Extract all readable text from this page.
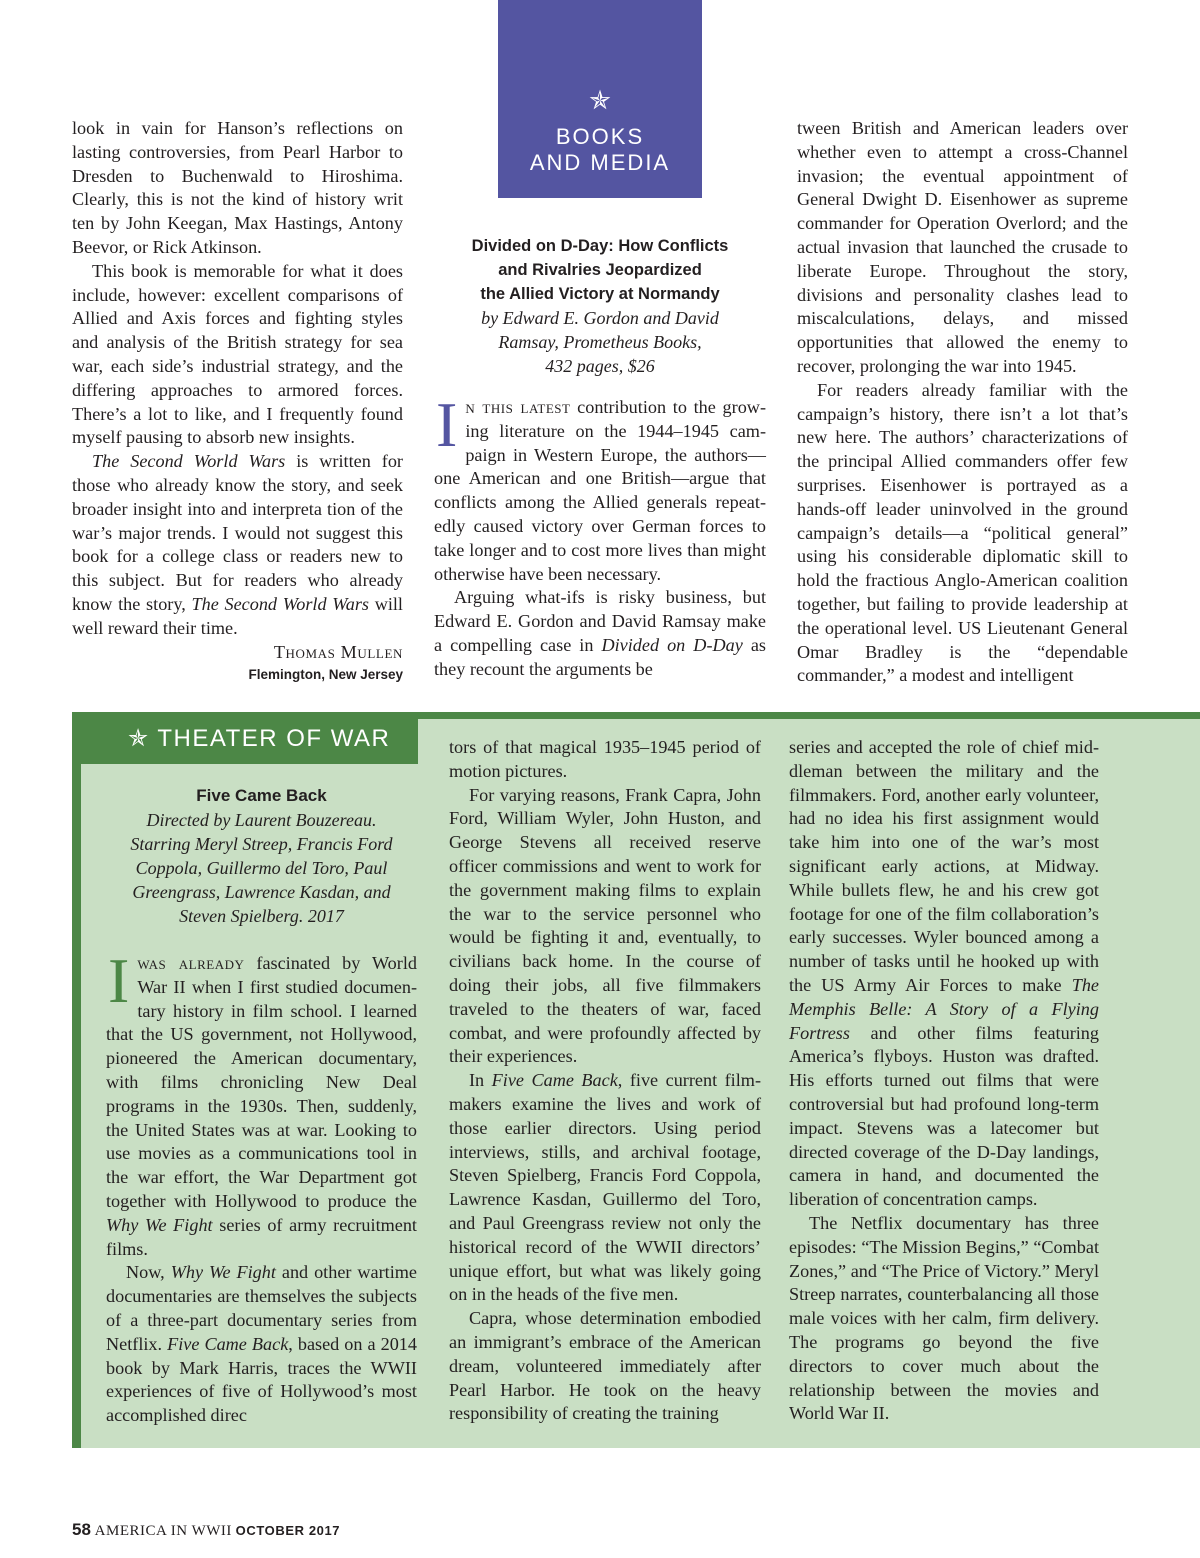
✯
BOOKS
AND MEDIA

look in vain for Hanson’s reflections on lasting controversies, from Pearl Harbor to Dresden to Buchenwald to Hiroshima. Clearly, this is not the kind of history writ ten by John Keegan, Max Hastings, Antony Beevor, or Rick Atkinson.

This book is memorable for what it does include, however: excellent comparisons of Allied and Axis forces and fighting styles and analysis of the British strategy for sea war, each side’s industrial strategy, and the differing approaches to armored forces. There’s a lot to like, and I frequently found myself pausing to absorb new insights.

The Second World Wars is written for those who already know the story, and seek broader insight into and interpreta tion of the war’s major trends. I would not suggest this book for a college class or readers new to this subject. But for readers who already know the story, The Second World Wars will well reward their time.

Thomas Mullen

Flemington, New Jersey

Divided on D-Day: How Conflicts
and Rivalries Jeopardized
the Allied Victory at Normandy
by Edward E. Gordon and David
Ramsay, Prometheus Books,
432 pages, $26

In this latest contribution to the growing literature on the 1944–1945 campaign in Western Europe, the authors—one American and one British—argue that conflicts among the Allied generals repeatedly caused victory over German forces to take longer and to cost more lives than might otherwise have been necessary.

Arguing what-ifs is risky business, but Edward E. Gordon and David Ramsay make a compelling case in Divided on D-Day as they recount the arguments be

tween British and American leaders over whether even to attempt a cross-Channel invasion; the eventual appointment of General Dwight D. Eisenhower as supreme commander for Operation Overlord; and the actual invasion that launched the crusade to liberate Europe. Throughout the story, divisions and personality clashes lead to miscalculations, delays, and missed opportunities that allowed the enemy to recover, prolonging the war into 1945.

For readers already familiar with the campaign’s history, there isn’t a lot that’s new here. The authors’ characterizations of the principal Allied commanders offer few surprises. Eisenhower is portrayed as a hands-off leader uninvolved in the ground campaign’s details—a “political general” using his considerable diplomatic skill to hold the fractious Anglo-American coalition together, but failing to provide leadership at the operational level. US Lieutenant General Omar Bradley is the “dependable commander,” a modest and intelligent

✯ THEATER OF WAR
Five Came Back
Directed by Laurent Bouzereau.
Starring Meryl Streep, Francis Ford
Coppola, Guillermo del Toro, Paul
Greengrass, Lawrence Kasdan, and
Steven Spielberg. 2017

Iwas already fascinated by World War II when I first studied documentary history in film school. I learned that the US government, not Hollywood, pioneered the American documentary, with films chronicling New Deal programs in the 1930s. Then, suddenly, the United States was at war. Looking to use movies as a communications tool in the war effort, the War Department got together with Hollywood to produce the Why We Fight series of army recruitment films.

Now, Why We Fight and other wartime documentaries are themselves the subjects of a three-part documentary series from Netflix. Five Came Back, based on a 2014 book by Mark Harris, traces the WWII experiences of five of Hollywood’s most accomplished direc

tors of that magical 1935–1945 period of motion pictures.

For varying reasons, Frank Capra, John Ford, William Wyler, John Huston, and George Stevens all received reserve officer commissions and went to work for the government making films to explain the war to the service personnel who would be fighting it and, eventually, to civilians back home. In the course of doing their jobs, all five filmmakers traveled to the theaters of war, faced combat, and were profoundly affected by their experiences.

In Five Came Back, five current filmmakers examine the lives and work of those earlier directors. Using period interviews, stills, and archival footage, Steven Spielberg, Francis Ford Coppola, Lawrence Kasdan, Guillermo del Toro, and Paul Greengrass review not only the historical record of the WWII directors’ unique effort, but what was likely going on in the heads of the five men.

Capra, whose determination embodied an immigrant’s embrace of the American dream, volunteered immediately after Pearl Harbor. He took on the heavy responsibility of creating the training

series and accepted the role of chief middleman between the military and the filmmakers. Ford, another early volunteer, had no idea his first assignment would take him into one of the war’s most significant early actions, at Midway. While bullets flew, he and his crew got footage for one of the film collaboration’s early successes. Wyler bounced among a number of tasks until he hooked up with the US Army Air Forces to make The Memphis Belle: A Story of a Flying Fortress and other films featuring America’s flyboys. Huston was drafted. His efforts turned out films that were controversial but had profound long-term impact. Stevens was a latecomer but directed coverage of the D-Day landings, camera in hand, and documented the liberation of concentration camps.

The Netflix documentary has three episodes: “The Mission Begins,” “Combat Zones,” and “The Price of Victory.” Meryl Streep narrates, counterbalancing all those male voices with her calm, firm delivery. The programs go beyond the five directors to cover much about the relationship between the movies and World War II.

58 AMERICA IN WWII OCTOBER 2017
